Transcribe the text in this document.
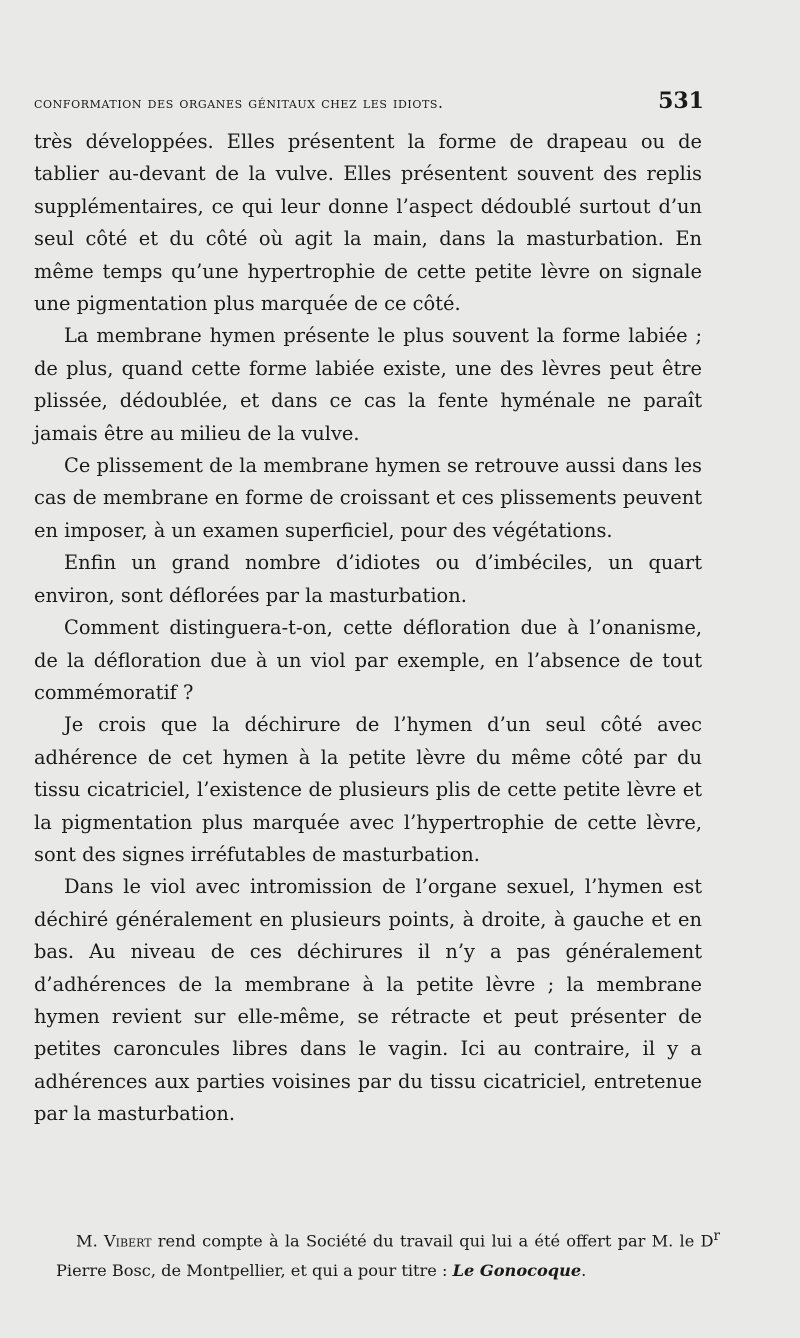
conformation des organes génitaux chez les idiots.	531

très développées. Elles présentent la forme de drapeau ou de tablier au-devant de la vulve. Elles présentent souvent des replis supplémentaires, ce qui leur donne l’aspect dédoublé surtout d’un seul côté et du côté où agit la main, dans la masturbation. En même temps qu’une hypertrophie de cette petite lèvre on signale une pigmentation plus marquée de ce côté.

La membrane hymen présente le plus souvent la forme labiée ; de plus, quand cette forme labiée existe, une des lèvres peut être plissée, dédoublée, et dans ce cas la fente hyménale ne paraît jamais être au milieu de la vulve.

Ce plissement de la membrane hymen se retrouve aussi dans les cas de membrane en forme de croissant et ces plissements peuvent en imposer, à un examen superficiel, pour des végétations.

Enfin un grand nombre d’idiotes ou d’imbéciles, un quart environ, sont déflorées par la masturbation.

Comment distinguera-t-on, cette défloration due à l’onanisme, de la défloration due à un viol par exemple, en l’absence de tout commémoratif ?

Je crois que la déchirure de l’hymen d’un seul côté avec adhérence de cet hymen à la petite lèvre du même côté par du tissu cicatriciel, l’existence de plusieurs plis de cette petite lèvre et la pigmentation plus marquée avec l’hypertrophie de cette lèvre, sont des signes irréfutables de masturbation.

Dans le viol avec intromission de l’organe sexuel, l’hymen est déchiré généralement en plusieurs points, à droite, à gauche et en bas. Au niveau de ces déchirures il n’y a pas généralement d’adhérences de la membrane à la petite lèvre ; la membrane hymen revient sur elle-même, se rétracte et peut présenter de petites caroncules libres dans le vagin. Ici au contraire, il y a adhérences aux parties voisines par du tissu cicatriciel, entretenue par la masturbation.

M. Vibert rend compte à la Société du travail qui lui a été offert par M. le $D^r$ Pierre Bosc, de Montpellier, et qui a pour titre : Le Gonocoque.
